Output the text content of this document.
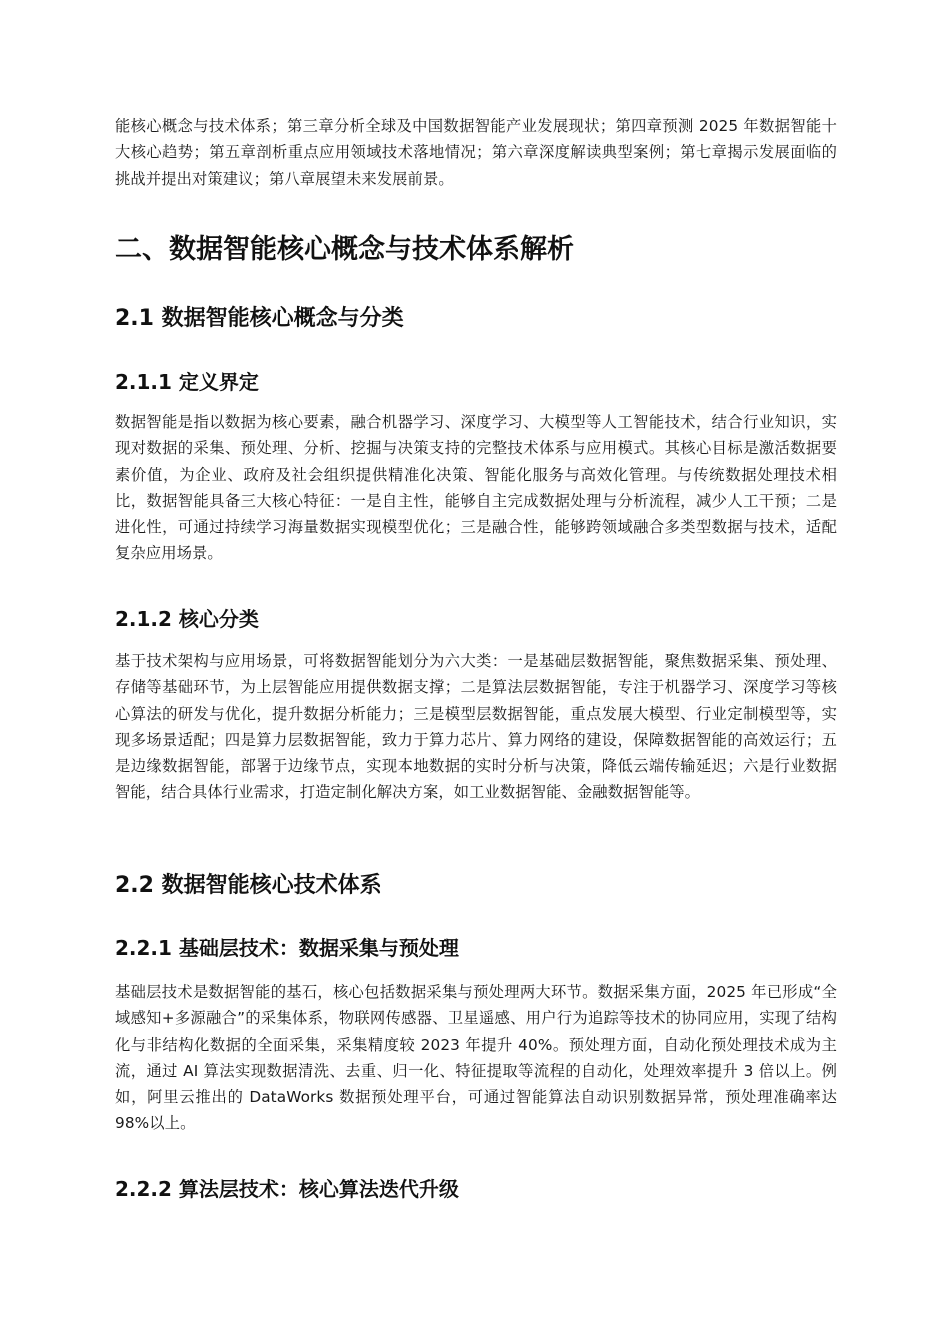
能核心概念与技术体系；第三章分析全球及中国数据智能产业发展现状；第四章预测 2025 年数据智能十大核心趋势；第五章剖析重点应用领域技术落地情况；第六章深度解读典型案例；第七章揭示发展面临的挑战并提出对策建议；第八章展望未来发展前景。

二、数据智能核心概念与技术体系解析
2.1 数据智能核心概念与分类
2.1.1 定义界定

数据智能是指以数据为核心要素，融合机器学习、深度学习、大模型等人工智能技术，结合行业知识，实现对数据的采集、预处理、分析、挖掘与决策支持的完整技术体系与应用模式。其核心目标是激活数据要素价值，为企业、政府及社会组织提供精准化决策、智能化服务与高效化管理。与传统数据处理技术相比，数据智能具备三大核心特征：一是自主性，能够自主完成数据处理与分析流程，减少人工干预；二是进化性，可通过持续学习海量数据实现模型优化；三是融合性，能够跨领域融合多类型数据与技术，适配复杂应用场景。

2.1.2 核心分类

基于技术架构与应用场景，可将数据智能划分为六大类：一是基础层数据智能，聚焦数据采集、预处理、存储等基础环节，为上层智能应用提供数据支撑；二是算法层数据智能，专注于机器学习、深度学习等核心算法的研发与优化，提升数据分析能力；三是模型层数据智能，重点发展大模型、行业定制模型等，实现多场景适配；四是算力层数据智能，致力于算力芯片、算力网络的建设，保障数据智能的高效运行；五是边缘数据智能，部署于边缘节点，实现本地数据的实时分析与决策，降低云端传输延迟；六是行业数据智能，结合具体行业需求，打造定制化解决方案，如工业数据智能、金融数据智能等。

2.2 数据智能核心技术体系
2.2.1 基础层技术：数据采集与预处理

基础层技术是数据智能的基石，核心包括数据采集与预处理两大环节。数据采集方面，2025 年已形成“全域感知+多源融合”的采集体系，物联网传感器、卫星遥感、用户行为追踪等技术的协同应用，实现了结构化与非结构化数据的全面采集，采集精度较 2023 年提升 40%。预处理方面，自动化预处理技术成为主流，通过 AI 算法实现数据清洗、去重、归一化、特征提取等流程的自动化，处理效率提升 3 倍以上。例如，阿里云推出的 DataWorks 数据预处理平台，可通过智能算法自动识别数据异常，预处理准确率达 98%以上。

2.2.2 算法层技术：核心算法迭代升级
